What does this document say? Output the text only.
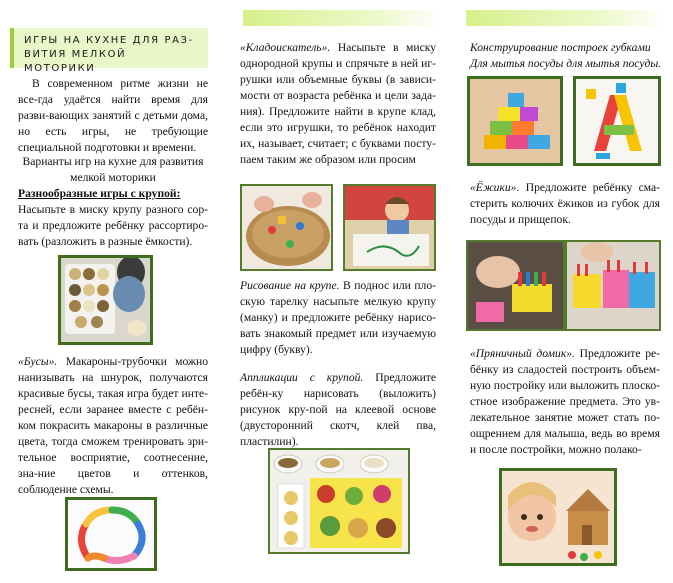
ИГРЫ НА КУХНЕ ДЛЯ РАЗ-ВИТИЯ МЕЛКОЙ МОТОРИКИ
В современном ритме жизни не все-гда удаётся найти время для разви-вающих занятий с детьми дома, но есть игры, не требующие специальной подготовки и времени.
Варианты игр на кухне для развития мелкой моторики
Разнообразные игры с крупой:
Насыпьте в миску крупу разного сор-та и предложите ребёнку рассортиро-вать (разложить в разные ёмкости).
«Бусы». Макароны-трубочки можно нанизывать на шнурок, получаются красивые бусы, такая игра будет инте-ресней, если заранее вместе с ребён-ком покрасить макароны в различные цвета, тогда сможем тренировать зри-тельное восприятие, соотнесение, зна-ние цветов и оттенков, соблюдение схемы.
«Кладоискатель». Насыпьте в миску однородной крупы и спрячьте в ней иг-рушки или объемные буквы (в зависи-мости от возраста ребёнка и цели зада-ния). Предложите найти в крупе клад, если это игрушки, то ребёнок находит их, называет, считает; с буквами посту-паем таким же образом или просим
Рисование на крупе. В поднос или пло-скую тарелку насыпьте мелкую крупу (манку) и предложите ребёнку нарисо-вать знакомый предмет или изучаемую цифру (букву).
Аппликации с крупой. Предложите ребён-ку нарисовать (выложить) рисунок кру-пой на клеевой основе (двусторонний скотч, клей пва, пластилин).
Конструирование построек губками
Для мытья посуды для мытья посуды.
«Ёжики». Предложите ребёнку сма-стерить колючих ёжиков из губок для посуды и прищепок.
«Пряничный домик». Предложите ре-бёнку из сладостей построить объем-ную постройку или выложить плоско-стное изображение предмета. Это ув-лекательное занятие может стать по-ощрением для малыша, ведь во время и после постройки, можно полако-
